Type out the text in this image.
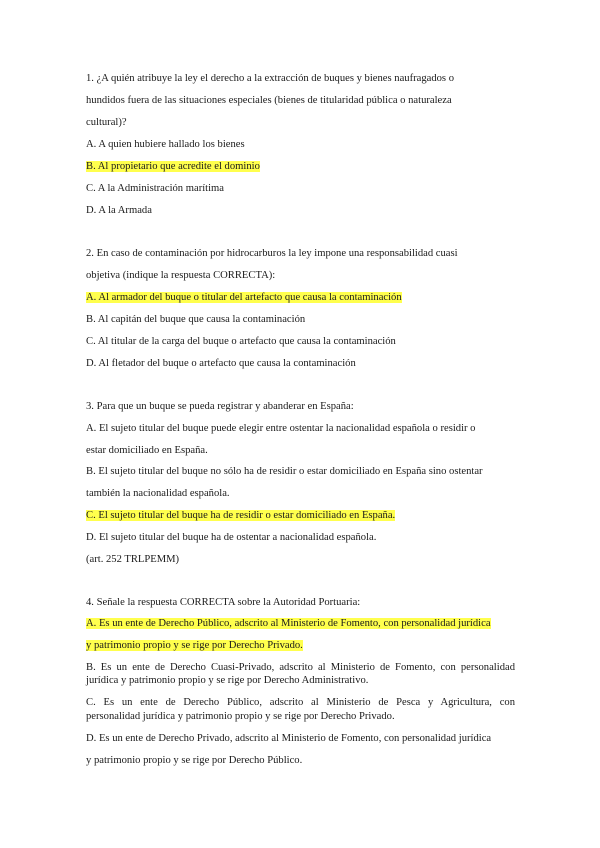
1. ¿A quién atribuye la ley el derecho a la extracción de buques y bienes naufragados o
hundidos fuera de las situaciones especiales (bienes de titularidad pública o naturaleza
cultural)?
A. A quien hubiere hallado los bienes
B. Al propietario que acredite el dominio
C. A la Administración marítima
D. A la Armada
2. En caso de contaminación por hidrocarburos la ley impone una responsabilidad cuasi
objetiva (indique la respuesta CORRECTA):
A. Al armador del buque o titular del artefacto que causa la contaminación
B. Al capitán del buque que causa la contaminación
C. Al titular de la carga del buque o artefacto que causa la contaminación
D. Al fletador del buque o artefacto que causa la contaminación
3. Para que un buque se pueda registrar y abanderar en España:
A. El sujeto titular del buque puede elegir entre ostentar la nacionalidad española o residir o
estar domiciliado en España.
B. El sujeto titular del buque no sólo ha de residir o estar domiciliado en España sino ostentar
también la nacionalidad española.
C. El sujeto titular del buque ha de residir o estar domiciliado en España.
D. El sujeto titular del buque ha de ostentar a nacionalidad española.
(art. 252 TRLPEMM)
4. Señale la respuesta CORRECTA sobre la Autoridad Portuaria:
A. Es un ente de Derecho Público, adscrito al Ministerio de Fomento, con personalidad jurídica
y patrimonio propio y se rige por Derecho Privado.
B. Es un ente de Derecho Cuasi-Privado, adscrito al Ministerio de Fomento, con personalidad
jurídica y patrimonio propio y se rige por Derecho Administrativo.
C. Es un ente de Derecho Público, adscrito al Ministerio de Pesca y Agricultura, con
personalidad jurídica y patrimonio propio y se rige por Derecho Privado.
D. Es un ente de Derecho Privado, adscrito al Ministerio de Fomento, con personalidad jurídica
y patrimonio propio y se rige por Derecho Público.
